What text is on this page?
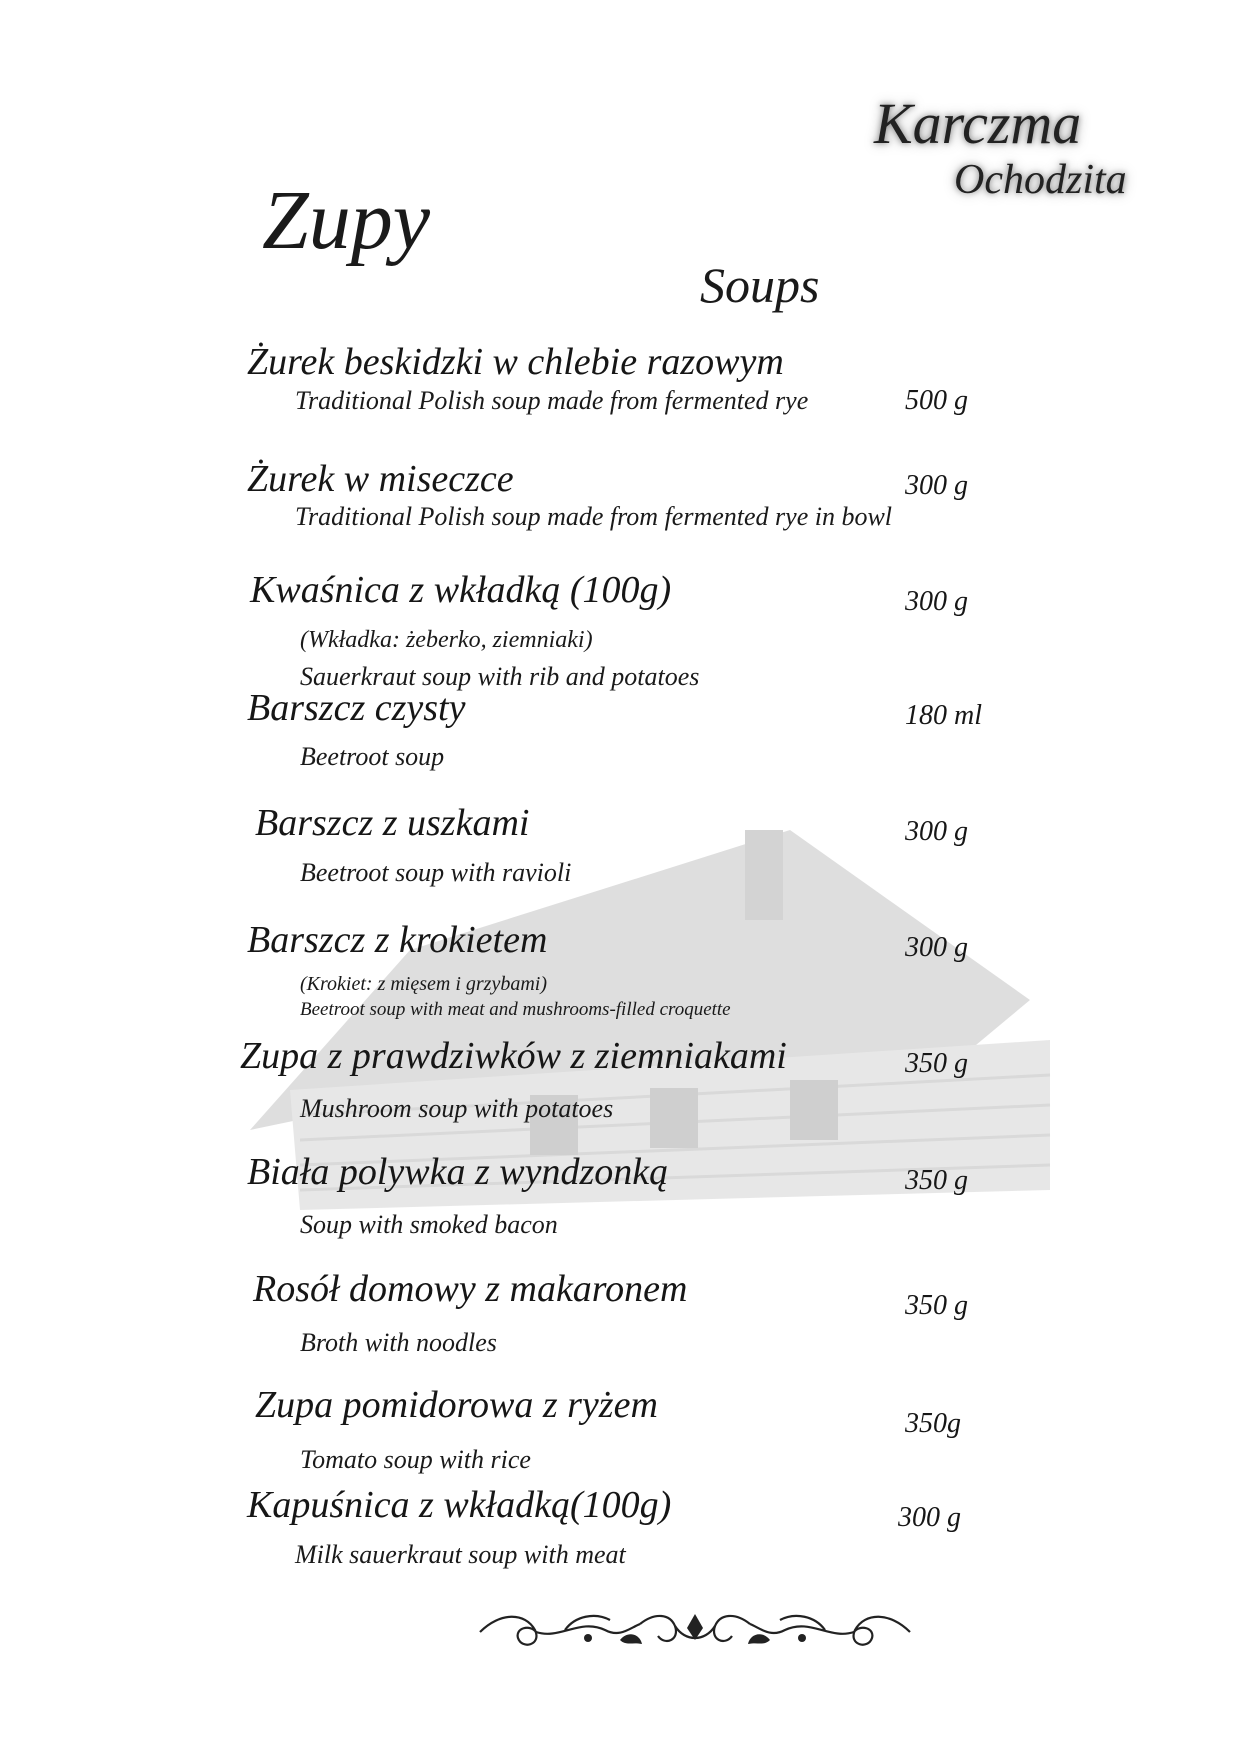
Karczma
Ochodzita
Zupy
Soups
Żurek beskidzki w chlebie razowym
Traditional Polish soup made from fermented rye	500 g
Żurek w miseczce	300 g
Traditional Polish soup made from fermented rye in bowl
Kwaśnica z wkładką (100g)	300 g
(Wkładka: żeberko, ziemniaki)
Sauerkraut soup with rib and potatoes
Barszcz czysty	180 ml
Beetroot soup
Barszcz z uszkami	300 g
Beetroot soup with ravioli
Barszcz z krokietem	300 g
(Krokiet: z mięsem i grzybami)
Beetroot soup with meat and mushrooms-filled croquette
Zupa z prawdziwków z ziemniakami	350 g
Mushroom soup with potatoes
Biała polywka z wyndzonką	350 g
Soup with smoked bacon
Rosół domowy z makaronem	350 g
Broth with noodles
Zupa pomidorowa z ryżem	350g
Tomato soup with rice
Kapuśnica z wkładką(100g)	300 g
Milk sauerkraut soup with meat
